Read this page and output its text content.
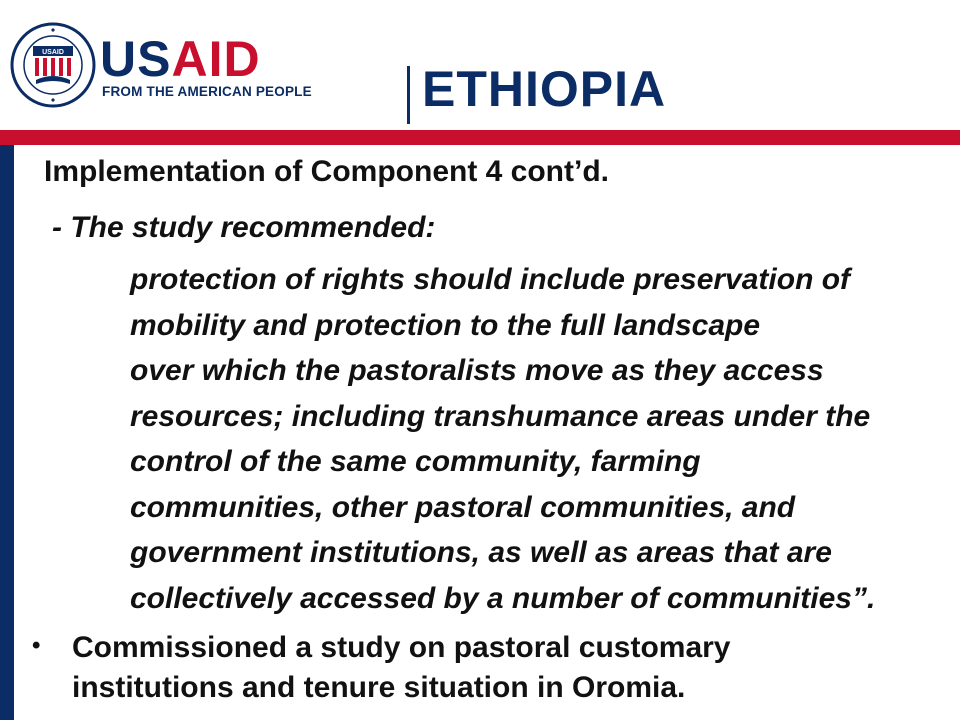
USAID USAID
FROM THE AMERICAN PEOPLE ETHIOPIA
Implementation of Component 4 cont’d.
- The study recommended:
protection of rights should include preservation of
mobility and protection to the full landscape
over which the pastoralists move as they access
resources; including transhumance areas under the
control of the same community, farming
communities, other pastoral communities, and
government institutions, as well as areas that are
collectively accessed by a number of communities”.
• Commissioned a study on pastoral customary
institutions and tenure situation in Oromia.
